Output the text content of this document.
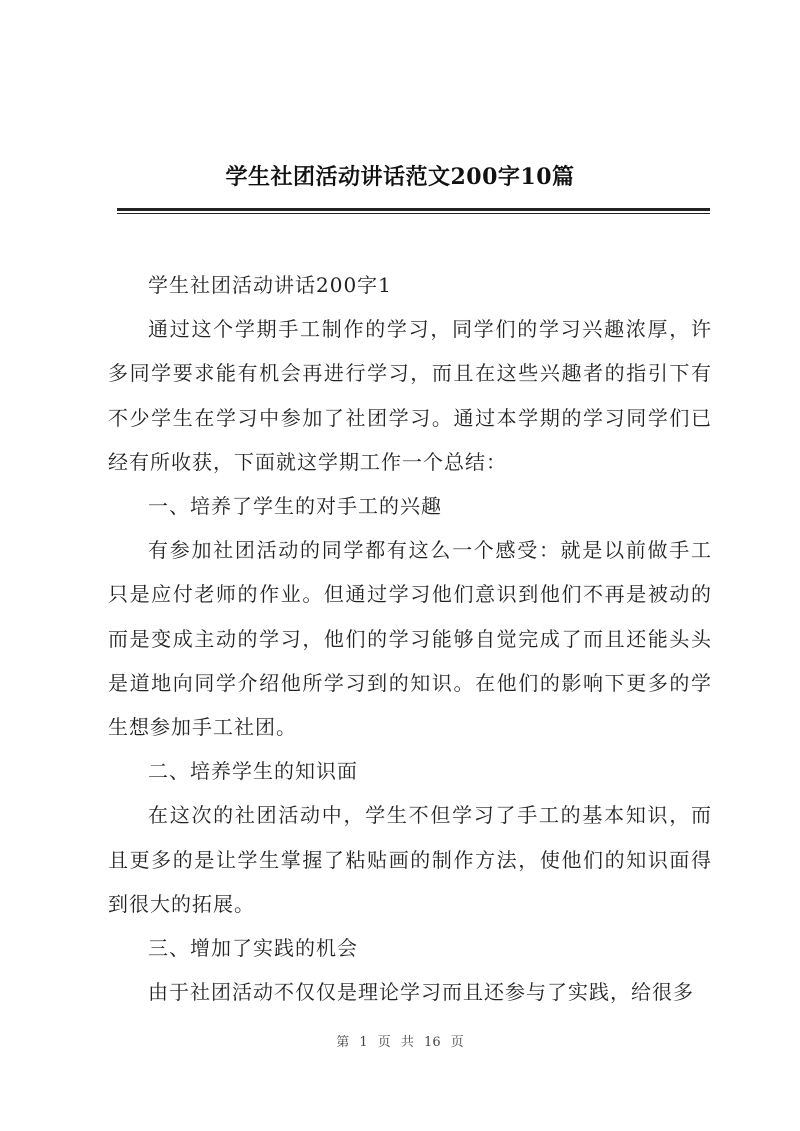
学生社团活动讲话范文200字10篇

学生社团活动讲话200字1

通过这个学期手工制作的学习，同学们的学习兴趣浓厚，许多同学要求能有机会再进行学习，而且在这些兴趣者的指引下有不少学生在学习中参加了社团学习。通过本学期的学习同学们已经有所收获，下面就这学期工作一个总结：

一、培养了学生的对手工的兴趣

有参加社团活动的同学都有这么一个感受：就是以前做手工只是应付老师的作业。但通过学习他们意识到他们不再是被动的而是变成主动的学习，他们的学习能够自觉完成了而且还能头头是道地向同学介绍他所学习到的知识。在他们的影响下更多的学生想参加手工社团。

二、培养学生的知识面

在这次的社团活动中，学生不但学习了手工的基本知识，而且更多的是让学生掌握了粘贴画的制作方法，使他们的知识面得到很大的拓展。

三、增加了实践的机会

由于社团活动不仅仅是理论学习而且还参与了实践，给很多

第 1 页 共 16 页
